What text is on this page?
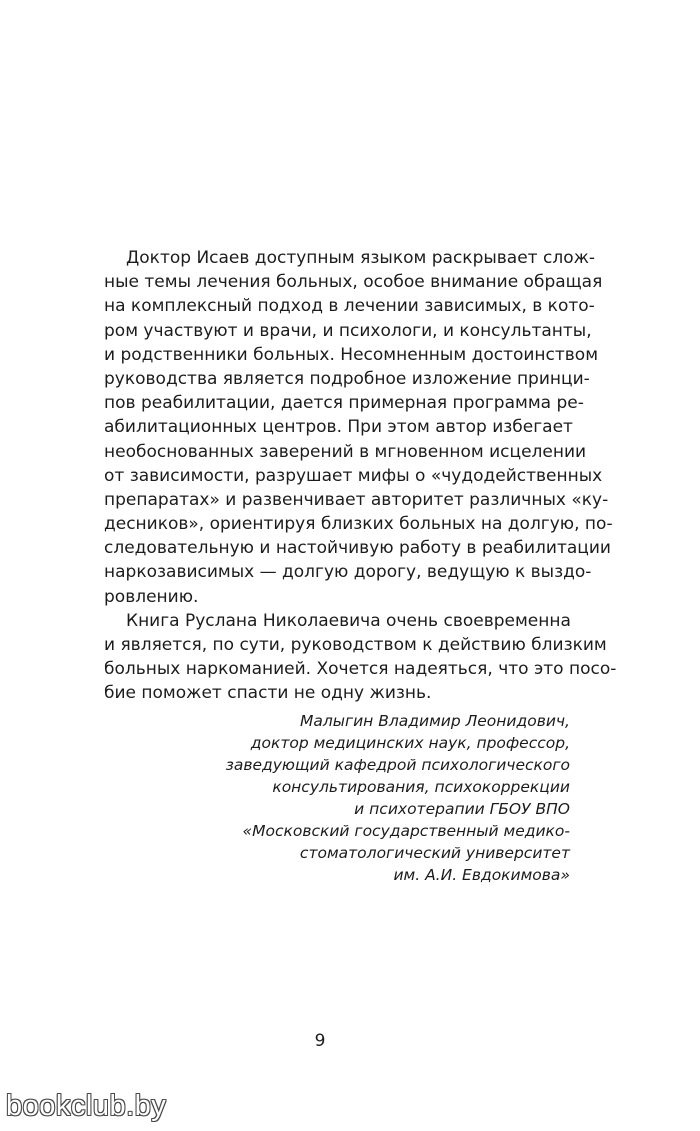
Доктор Исаев доступным языком раскрывает слож-
ные темы лечения больных, особое внимание обращая
на комплексный подход в лечении зависимых, в кото-
ром участвуют и врачи, и психологи, и консультанты,
и родственники больных. Несомненным достоинством
руководства является подробное изложение принци-
пов реабилитации, дается примерная программа ре-
абилитационных центров. При этом автор избегает
необоснованных заверений в мгновенном исцелении
от зависимости, разрушает мифы о «чудодейственных
препаратах» и развенчивает авторитет различных «ку-
десников», ориентируя близких больных на долгую, по-
следовательную и настойчивую работу в реабилитации
наркозависимых — долгую дорогу, ведущую к выздо-
ровлению.
Книга Руслана Николаевича очень своевременна
и является, по сути, руководством к действию близким
больных наркоманией. Хочется надеяться, что это посо-
бие поможет спасти не одну жизнь.
Малыгин Владимир Леонидович,
доктор медицинских наук, профессор,
заведующий кафедрой психологического
консультирования, психокоррекции
и психотерапии ГБОУ ВПО
«Московский государственный медико-
стоматологический университет
им. А.И. Евдокимова»
9
bookclub.by
